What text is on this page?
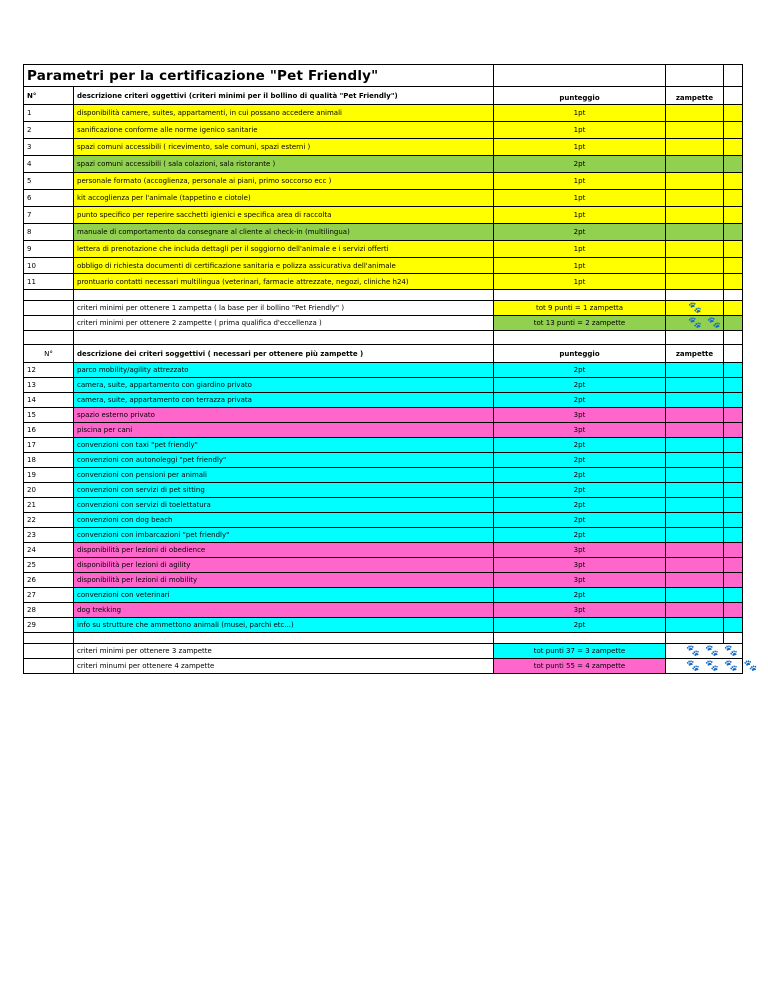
Parametri per la certificazione "Pet Friendly"
N°	descrizione criteri oggettivi (criteri minimi per il bollino di qualità "Pet Friendly")	punteggio	zampette
1	disponibilità camere, suites, appartamenti, in cui possano accedere animali	1pt
2	sanificazione conforme alle norme igenico sanitarie	1pt
3	spazi comuni accessibili ( ricevimento, sale comuni, spazi esterni )	1pt
4	spazi comuni accessibili ( sala colazioni, sala ristorante )	2pt
5	personale formato (accoglienza, personale ai piani, primo soccorso ecc )	1pt
6	kit accoglienza per l'animale (tappetino e ciotole)	1pt
7	punto specifico per reperire sacchetti igienici e specifica area di raccolta	1pt
8	manuale di comportamento da consegnare al cliente al check-in (multilingua)	2pt
9	lettera di prenotazione che includa dettagli per il soggiorno dell'animale e i servizi offerti	1pt
10	obbligo di richiesta documenti di certificazione sanitaria e polizza assicurativa dell'animale	1pt
11	prontuario contatti necessari multilingua (veterinari, farmacie attrezzate, negozi, cliniche h24)	1pt
criteri minimi per ottenere 1 zampetta ( la base per il bollino "Pet Friendly" )	tot 9 punti = 1 zampetta	🐾
criteri minimi per ottenere 2 zampette ( prima qualifica d'eccellenza )	tot 13 punti = 2 zampette	🐾 🐾
N°	descrizione dei criteri soggettivi ( necessari per ottenere più zampette )	punteggio	zampette
12	parco mobility/agility attrezzato	2pt
13	camera, suite, appartamento con giardino privato	2pt
14	camera, suite, appartamento con terrazza privata	2pt
15	spazio esterno privato	3pt
16	piscina per cani	3pt
17	convenzioni con taxi "pet friendly"	2pt
18	convenzioni con autonoleggi "pet friendly"	2pt
19	convenzioni con pensioni per animali	2pt
20	convenzioni con servizi di pet sitting	2pt
21	convenzioni con servizi di toelettatura	2pt
22	convenzioni con dog beach	2pt
23	convenzioni con imbarcazioni "pet friendly"	2pt
24	disponibilità per lezioni di obedience	3pt
25	disponibilità per lezioni di agility	3pt
26	disponibilità per lezioni di mobility	3pt
27	convenzioni con veterinari	2pt
28	dog trekking	3pt
29	info su strutture che ammettono animali (musei, parchi etc...)	2pt
criteri minimi per ottenere 3 zampette	tot punti 37 = 3 zampette	🐾 🐾 🐾
criteri minumi per ottenere 4 zampette	tot punti 55 = 4 zampette	🐾 🐾 🐾 🐾
